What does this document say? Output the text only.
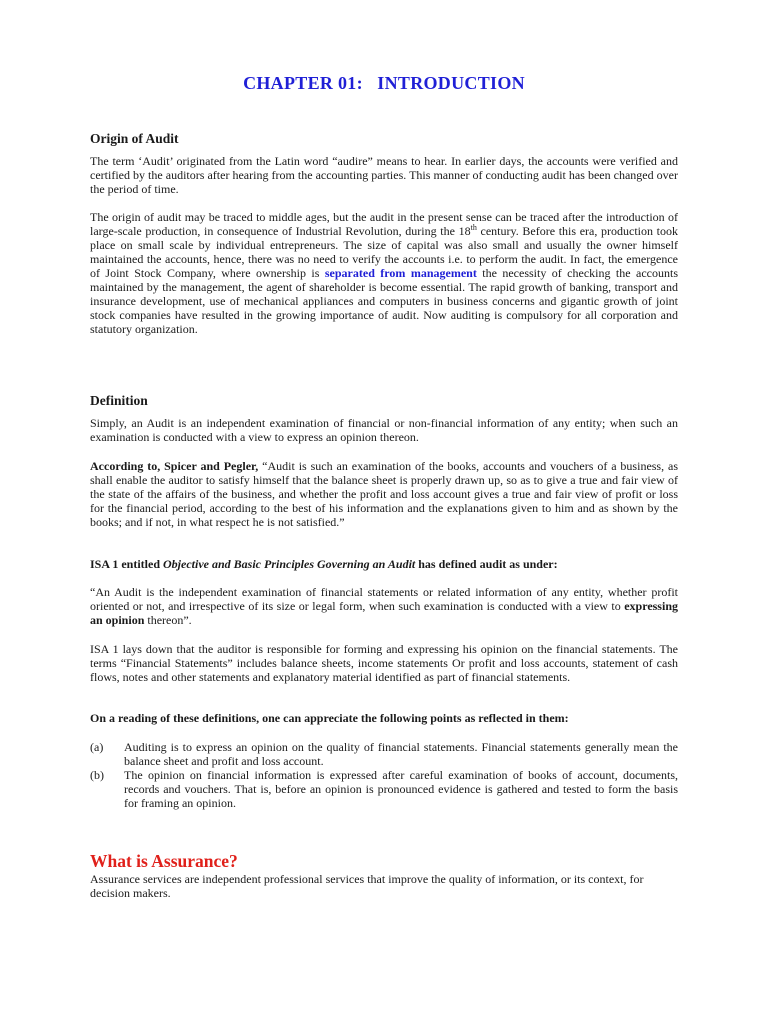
CHAPTER 01: INTRODUCTION
Origin of Audit

The term ‘Audit’ originated from the Latin word “audire” means to hear. In earlier days, the accounts were verified and certified by the auditors after hearing from the accounting parties. This manner of conducting audit has been changed over the period of time.

The origin of audit may be traced to middle ages, but the audit in the present sense can be traced after the introduction of large-scale production, in consequence of Industrial Revolution, during the 18th century. Before this era, production took place on small scale by individual entrepreneurs. The size of capital was also small and usually the owner himself maintained the accounts, hence, there was no need to verify the accounts i.e. to perform the audit. In fact, the emergence of Joint Stock Company, where ownership is separated from management the necessity of checking the accounts maintained by the management, the agent of shareholder is become essential. The rapid growth of banking, transport and insurance development, use of mechanical appliances and computers in business concerns and gigantic growth of joint stock companies have resulted in the growing importance of audit. Now auditing is compulsory for all corporation and statutory organization.

Definition

Simply, an Audit is an independent examination of financial or non-financial information of any entity; when such an examination is conducted with a view to express an opinion thereon.

According to, Spicer and Pegler, “Audit is such an examination of the books, accounts and vouchers of a business, as shall enable the auditor to satisfy himself that the balance sheet is properly drawn up, so as to give a true and fair view of the state of the affairs of the business, and whether the profit and loss account gives a true and fair view of profit or loss for the financial period, according to the best of his information and the explanations given to him and as shown by the books; and if not, in what respect he is not satisfied.”

ISA 1 entitled Objective and Basic Principles Governing an Audit has defined audit as under:

“An Audit is the independent examination of financial statements or related information of any entity, whether profit oriented or not, and irrespective of its size or legal form, when such examination is conducted with a view to expressing an opinion thereon”.

ISA 1 lays down that the auditor is responsible for forming and expressing his opinion on the financial statements. The terms “Financial Statements” includes balance sheets, income statements Or profit and loss accounts, statement of cash flows, notes and other statements and explanatory material identified as part of financial statements.

On a reading of these definitions, one can appreciate the following points as reflected in them:

(a) Auditing is to express an opinion on the quality of financial statements. Financial statements generally mean the balance sheet and profit and loss account.
(b) The opinion on financial information is expressed after careful examination of books of account, documents, records and vouchers. That is, before an opinion is pronounced evidence is gathered and tested to form the basis for framing an opinion.
What is Assurance?

Assurance services are independent professional services that improve the quality of information, or its context, for decision makers.
